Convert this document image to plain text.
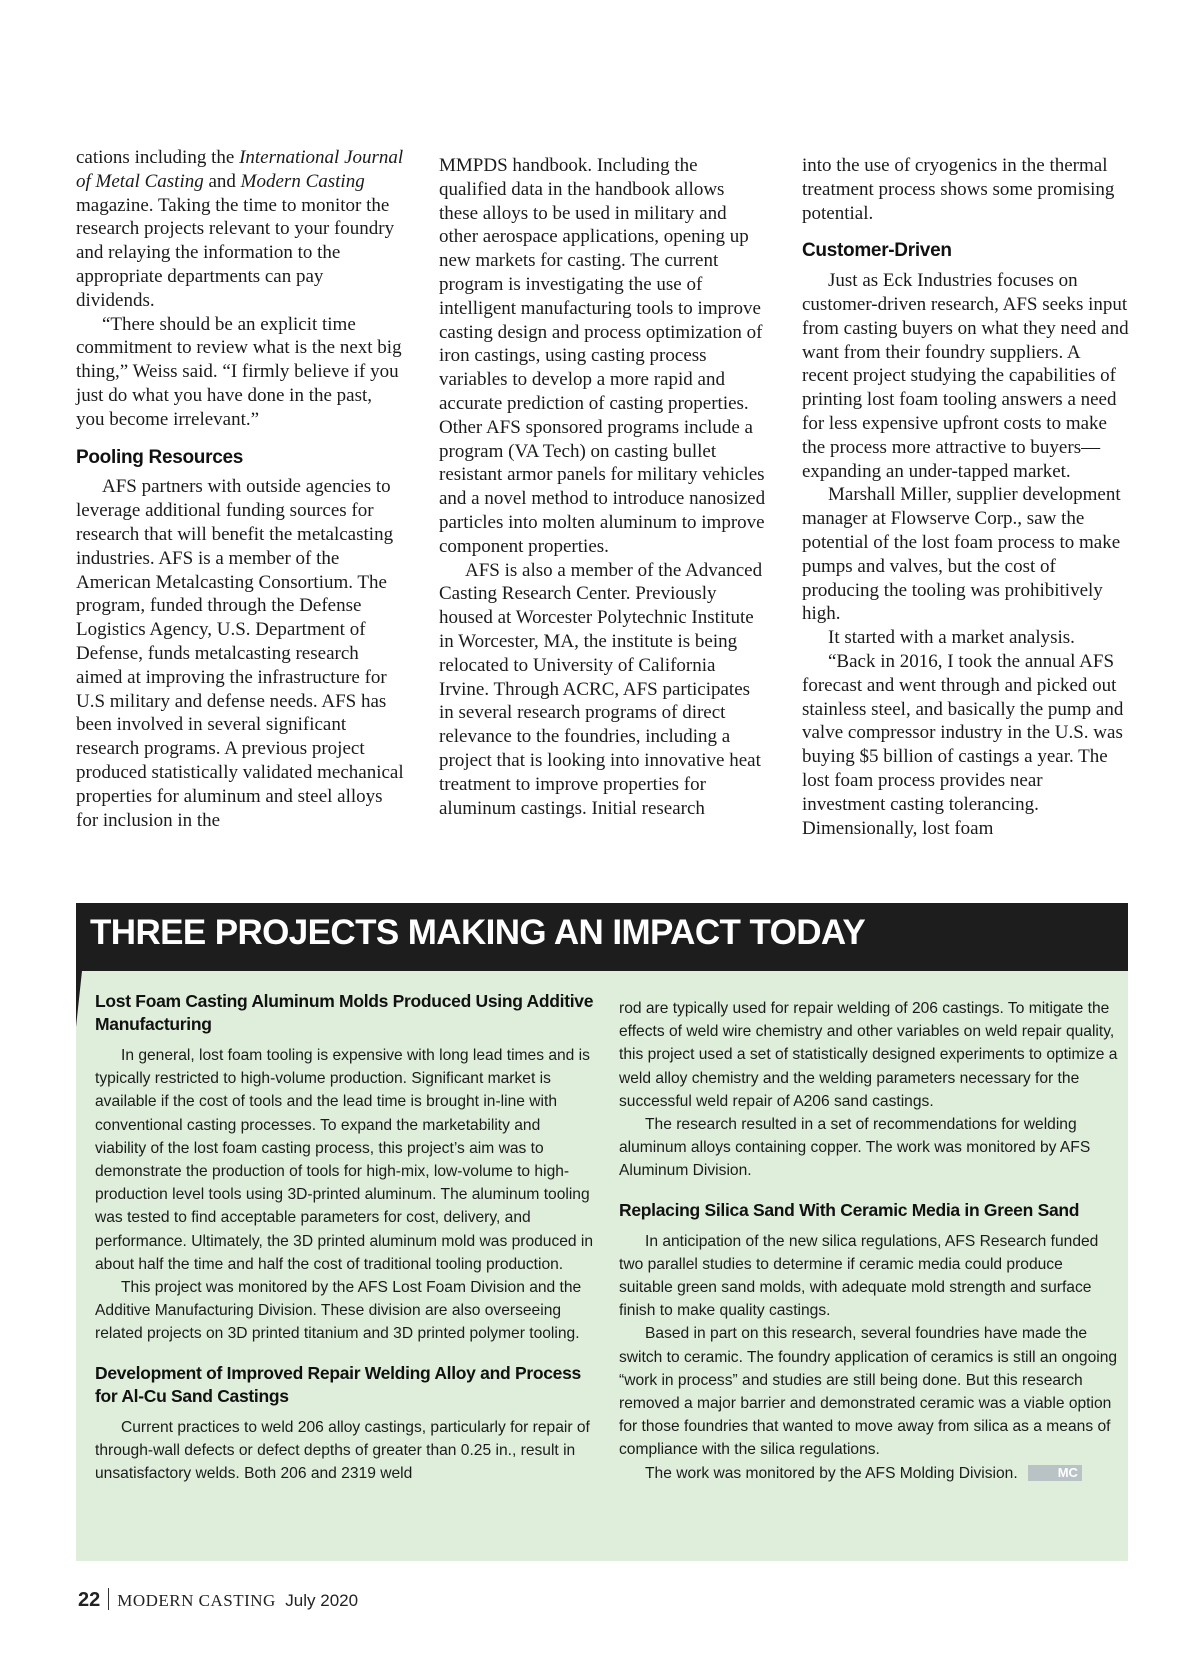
cations including the International Journal of Metal Casting and Modern Casting magazine. Taking the time to monitor the research projects relevant to your foundry and relaying the information to the appropriate departments can pay dividends.

“There should be an explicit time commitment to review what is the next big thing,” Weiss said. “I firmly believe if you just do what you have done in the past, you become irrelevant.”

Pooling Resources

AFS partners with outside agencies to leverage additional funding sources for research that will benefit the metalcasting industries. AFS is a member of the American Metalcasting Consortium. The program, funded through the Defense Logistics Agency, U.S. Department of Defense, funds metalcasting research aimed at improving the infrastructure for U.S military and defense needs. AFS has been involved in several significant research programs. A previous project produced statistically validated mechanical properties for aluminum and steel alloys for inclusion in the

MMPDS handbook. Including the qualified data in the handbook allows these alloys to be used in military and other aerospace applications, opening up new markets for casting. The current program is investigating the use of intelligent manufacturing tools to improve casting design and process optimization of iron castings, using casting process variables to develop a more rapid and accurate prediction of casting properties. Other AFS sponsored programs include a program (VA Tech) on casting bullet resistant armor panels for military vehicles and a novel method to introduce nanosized particles into molten aluminum to improve component properties.

AFS is also a member of the Advanced Casting Research Center. Previously housed at Worcester Polytechnic Institute in Worcester, MA, the institute is being relocated to University of California Irvine. Through ACRC, AFS participates in several research programs of direct relevance to the foundries, including a project that is looking into innovative heat treatment to improve properties for aluminum castings. Initial research

into the use of cryogenics in the thermal treatment process shows some promising potential.

Customer-Driven

Just as Eck Industries focuses on customer-driven research, AFS seeks input from casting buyers on what they need and want from their foundry suppliers. A recent project studying the capabilities of printing lost foam tooling answers a need for less expensive upfront costs to make the process more attractive to buyers—expanding an under-tapped market.

Marshall Miller, supplier development manager at Flowserve Corp., saw the potential of the lost foam process to make pumps and valves, but the cost of producing the tooling was prohibitively high.

It started with a market analysis.

“Back in 2016, I took the annual AFS forecast and went through and picked out stainless steel, and basically the pump and valve compressor industry in the U.S. was buying $5 billion of castings a year. The lost foam process provides near investment casting tolerancing. Dimensionally, lost foam

THREE PROJECTS MAKING AN IMPACT TODAY
Lost Foam Casting Aluminum Molds Produced Using Additive Manufacturing

In general, lost foam tooling is expensive with long lead times and is typically restricted to high-volume production. Significant market is available if the cost of tools and the lead time is brought in-line with conventional casting processes. To expand the marketability and viability of the lost foam casting process, this project’s aim was to demonstrate the production of tools for high-mix, low-volume to high-production level tools using 3D-printed aluminum. The aluminum tooling was tested to find acceptable parameters for cost, delivery, and performance. Ultimately, the 3D printed aluminum mold was produced in about half the time and half the cost of traditional tooling production.

This project was monitored by the AFS Lost Foam Division and the Additive Manufacturing Division. These division are also overseeing related projects on 3D printed titanium and 3D printed polymer tooling.

Development of Improved Repair Welding Alloy and Process for Al-Cu Sand Castings

Current practices to weld 206 alloy castings, particularly for repair of through-wall defects or defect depths of greater than 0.25 in., result in unsatisfactory welds. Both 206 and 2319 weld

rod are typically used for repair welding of 206 castings. To mitigate the effects of weld wire chemistry and other variables on weld repair quality, this project used a set of statistically designed experiments to optimize a weld alloy chemistry and the welding parameters necessary for the successful weld repair of A206 sand castings.

The research resulted in a set of recommendations for welding aluminum alloys containing copper. The work was monitored by AFS Aluminum Division.

Replacing Silica Sand With Ceramic Media in Green Sand

In anticipation of the new silica regulations, AFS Research funded two parallel studies to determine if ceramic media could produce suitable green sand molds, with adequate mold strength and surface finish to make quality castings.

Based in part on this research, several foundries have made the switch to ceramic. The foundry application of ceramics is still an ongoing “work in process” and studies are still being done. But this research removed a major barrier and demonstrated ceramic was a viable option for those foundries that wanted to move away from silica as a means of compliance with the silica regulations.

The work was monitored by the AFS Molding Division.	MC

22 MODERN CASTING July 2020
